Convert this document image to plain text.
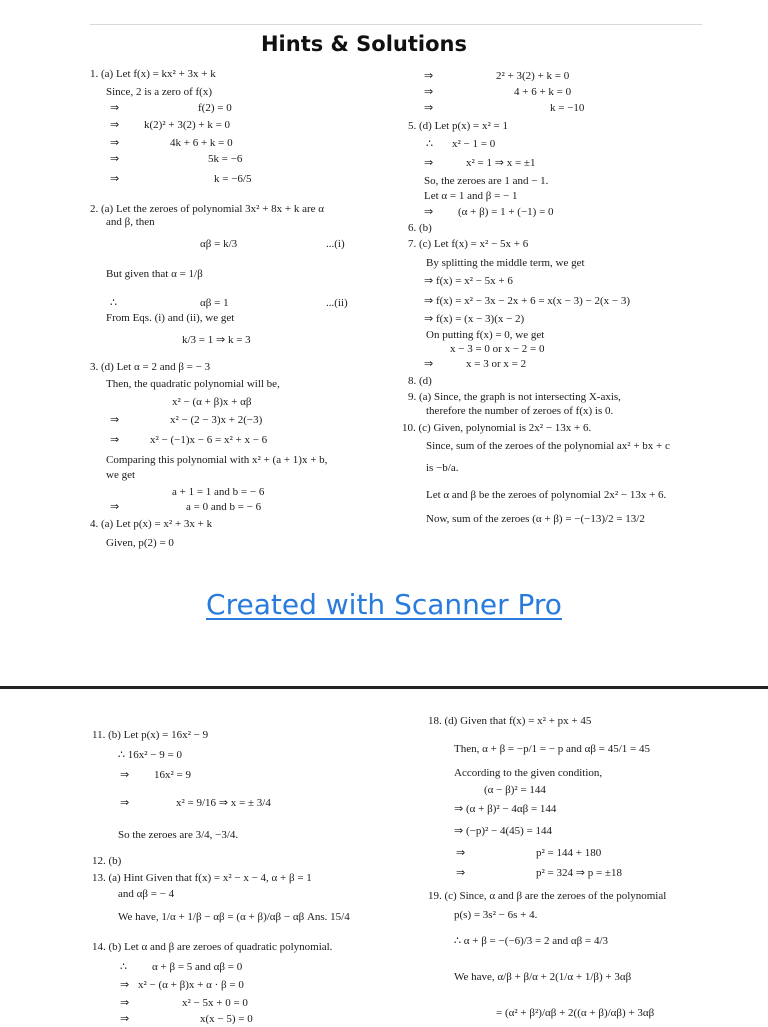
Hints & Solutions
1. (a) Let f(x) = kx² + 3x + k
Since, 2 is a zero of f(x)
⇒	f(2) = 0
⇒ k(2)² + 3(2) + k = 0
⇒	4k + 6 + k = 0
⇒	5k = −6
⇒	k = −6/5
2. (a) Let the zeroes of polynomial 3x² + 8x + k are α
and β, then
αβ = k/3	...(i)
But given that α = 1/β
∴	αβ = 1	...(ii)
From Eqs. (i) and (ii), we get
k/3 = 1 ⇒ k = 3
3. (d) Let α = 2 and β = − 3
Then, the quadratic polynomial will be,
x² − (α + β)x + αβ
⇒	x² − (2 − 3)x + 2(−3)
⇒	x² − (−1)x − 6 = x² + x − 6
Comparing this polynomial with x² + (a + 1)x + b,
we get
a + 1 = 1 and b = − 6
⇒	a = 0 and b = − 6
4. (a) Let p(x) = x² + 3x + k
Given, p(2) = 0
⇒	2² + 3(2) + k = 0
⇒	4 + 6 + k = 0
⇒	k = −10
5. (d) Let p(x) = x² = 1
∴ x² − 1 = 0
⇒	x² = 1 ⇒ x = ±1
So, the zeroes are 1 and − 1.
Let α = 1 and β = − 1
⇒ (α + β) = 1 + (−1) = 0
6. (b)
7. (c) Let f(x) = x² − 5x + 6
By splitting the middle term, we get
⇒ f(x) = x² − 5x + 6
⇒ f(x) = x² − 3x − 2x + 6 = x(x − 3) − 2(x − 3)
⇒ f(x) = (x − 3)(x − 2)
On putting f(x) = 0, we get
x − 3 = 0 or x − 2 = 0
⇒	x = 3 or x = 2
8. (d)
9. (a) Since, the graph is not intersecting X-axis,
therefore the number of zeroes of f(x) is 0.
10. (c) Given, polynomial is 2x² − 13x + 6.
Since, sum of the zeroes of the polynomial ax² + bx + c
is −b/a.
Let α and β be the zeroes of polynomial 2x² − 13x + 6.
Now, sum of the zeroes (α + β) = −(−13)/2 = 13/2
Created with Scanner Pro
11. (b) Let p(x) = 16x² − 9
∴ 16x² − 9 = 0
⇒ 16x² = 9
⇒	x² = 9/16 ⇒ x = ± 3/4
So the zeroes are 3/4, −3/4.
12. (b)
13. (a) Hint Given that f(x) = x² − x − 4, α + β = 1
and αβ = − 4
We have, 1/α + 1/β − αβ = (α + β)/αβ − αβ Ans. 15/4
14. (b) Let α and β are zeroes of quadratic polynomial.
∴ α + β = 5 and αβ = 0
⇒ x² − (α + β)x + α · β = 0
⇒	x² − 5x + 0 = 0
⇒	x(x − 5) = 0
18. (d) Given that f(x) = x² + px + 45
Then, α + β = −p/1 = − p and αβ = 45/1 = 45
According to the given condition,
(α − β)² = 144
⇒ (α + β)² − 4αβ = 144
⇒ (−p)² − 4(45) = 144
⇒	p² = 144 + 180
⇒	p² = 324 ⇒ p = ±18
19. (c) Since, α and β are the zeroes of the polynomial
p(s) = 3s² − 6s + 4.
∴ α + β = −(−6)/3 = 2 and αβ = 4/3
We have, α/β + β/α + 2(1/α + 1/β) + 3αβ
= (α² + β²)/αβ + 2((α + β)/αβ) + 3αβ
